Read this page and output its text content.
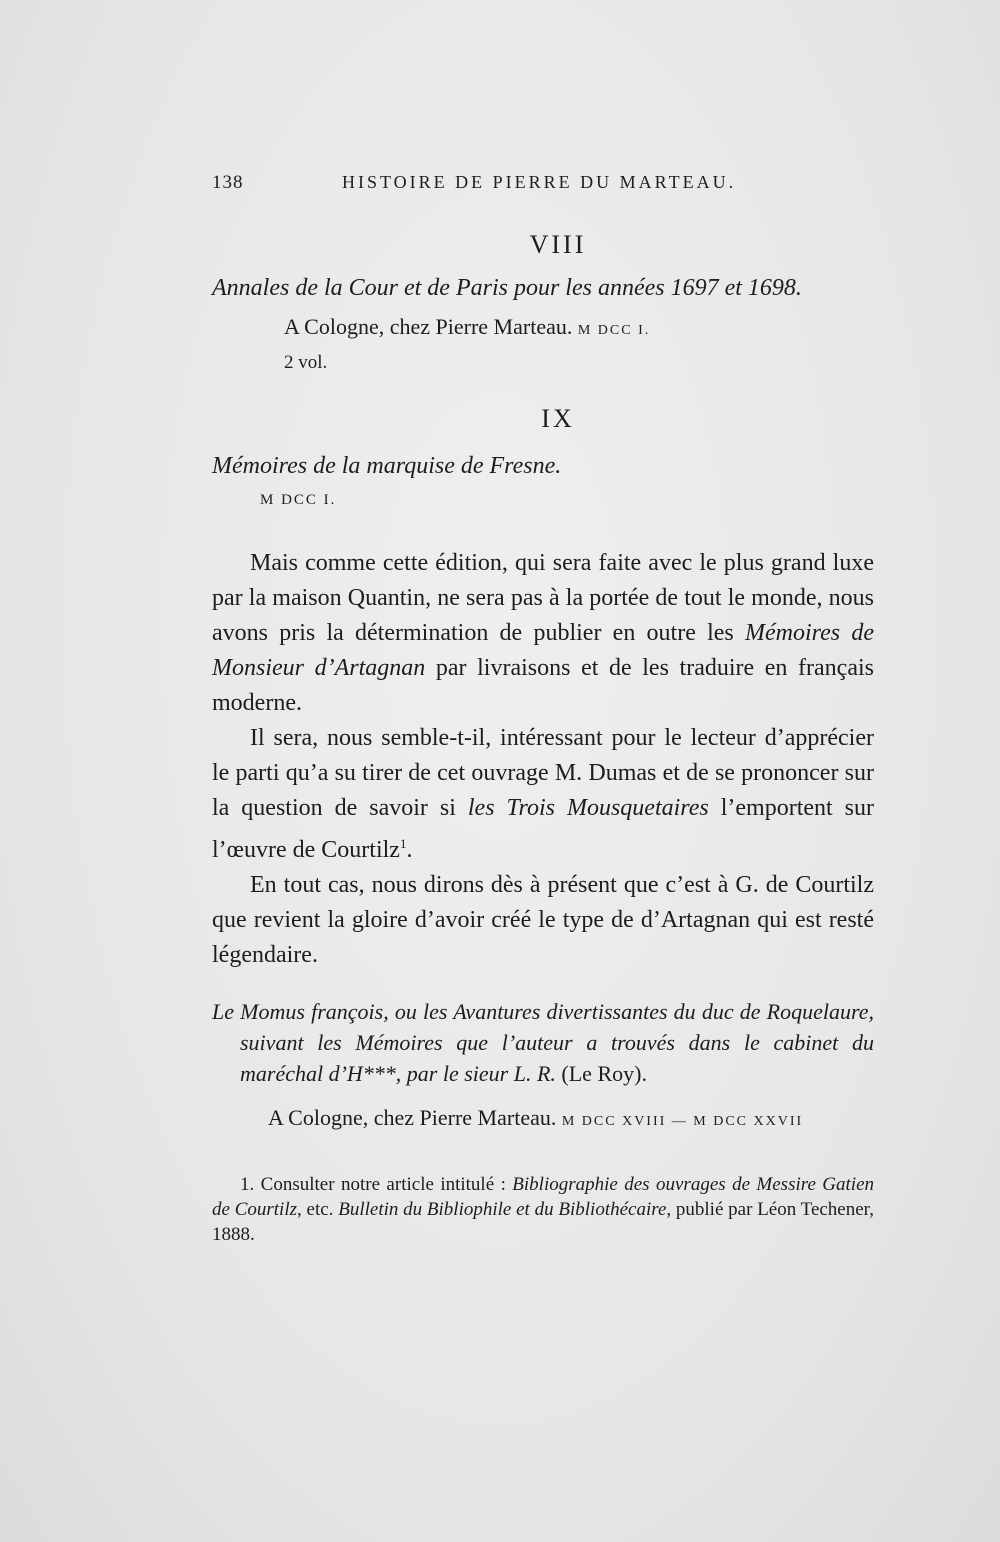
138	HISTOIRE DE PIERRE DU MARTEAU.
VIII
Annales de la Cour et de Paris pour les années 1697 et 1698.
A Cologne, chez Pierre Marteau. M DCC I.
2 vol.
IX
Mémoires de la marquise de Fresne.
M DCC I.

Mais comme cette édition, qui sera faite avec le plus grand luxe par la maison Quantin, ne sera pas à la portée de tout le monde, nous avons pris la détermination de publier en outre les Mémoires de Monsieur d’Artagnan par livraisons et de les traduire en français moderne.

Il sera, nous semble-t-il, intéressant pour le lecteur d’apprécier le parti qu’a su tirer de cet ouvrage M. Dumas et de se prononcer sur la question de savoir si les Trois Mousquetaires l’emportent sur l’œuvre de Courtilz$^1$.

En tout cas, nous dirons dès à présent que c’est à G. de Courtilz que revient la gloire d’avoir créé le type de d’Artagnan qui est resté légendaire.

Le Momus françois, ou les Avantures divertissantes du duc de Roquelaure, suivant les Mémoires que l’auteur a trouvés dans le cabinet du maréchal d’H***, par le sieur L. R. (Le Roy).

A Cologne, chez Pierre Marteau. M DCC XVIII — M DCC XXVII

1. Consulter notre article intitulé : Bibliographie des ouvrages de Messire Gatien de Courtilz, etc. Bulletin du Bibliophile et du Bibliothécaire, publié par Léon Techener, 1888.
